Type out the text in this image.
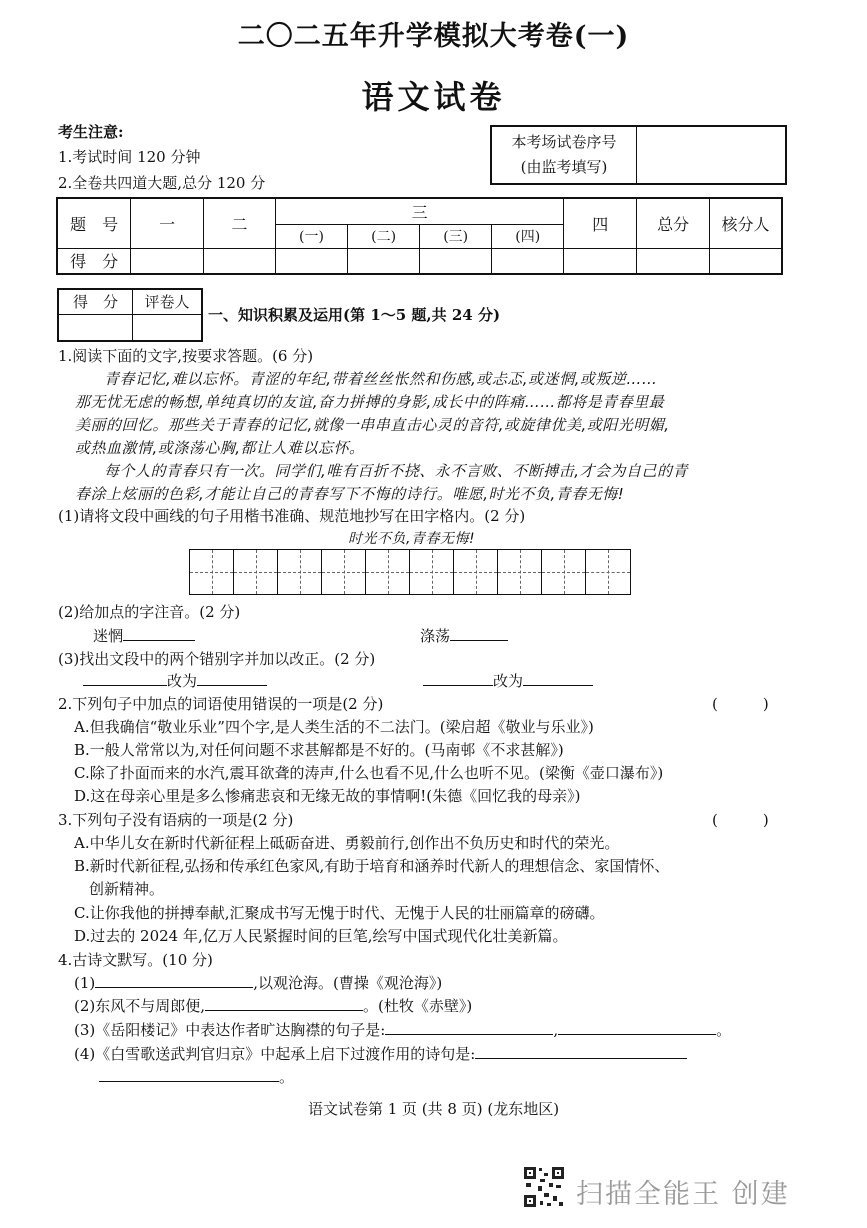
二〇二五年升学模拟大考卷(一)
语文试卷
考生注意:
1.考试时间 120 分钟
2.全卷共四道大题,总分 120 分
本考场试卷序号
(由监考填写)
题　号	一	二	三				四	总分	核分人
			(一)	(二)	(三)	(四)			
得　分									
得　分	评卷人

一、知识积累及运用(第 1～5 题,共 24 分)
1.阅读下面的文字,按要求答题。(6 分)
青春记忆,难以忘怀。青涩的年纪,带着丝丝怅然和伤感,或忐忑,或迷惘,或叛逆……
那无忧无虑的畅想,单纯真切的友谊,奋力拼搏的身影,成长中的阵痛……都将是青春里最
美丽的回忆。那些关于青春的记忆,就像一串串直击心灵的音符,或旋律优美,或阳光明媚,
或热血激情,或涤荡心胸,都让人难以忘怀。
每个人的青春只有一次。同学们,唯有百折不挠、永不言败、不断搏击,才会为自己的青
春涂上炫丽的色彩,才能让自己的青春写下不悔的诗行。唯愿,时光不负,青春无悔!
(1)请将文段中画线的句子用楷书准确、规范地抄写在田字格内。(2 分)
时光不负,青春无悔!
(2)给加点的字注音。(2 分)
迷惘	涤荡
(3)找出文段中的两个错别字并加以改正。(2 分)
改为	改为
2.下列句子中加点的词语使用错误的一项是(2 分)	(　　　)
A.但我确信“敬业乐业”四个字,是人类生活的不二法门。(梁启超《敬业与乐业》)
B.一般人常常以为,对任何问题不求甚解都是不好的。(马南邨《不求甚解》)
C.除了扑面而来的水汽,震耳欲聋的涛声,什么也看不见,什么也听不见。(梁衡《壶口瀑布》)
D.这在母亲心里是多么惨痛悲哀和无缘无故的事情啊!(朱德《回忆我的母亲》)
3.下列句子没有语病的一项是(2 分)	(　　　)
A.中华儿女在新时代新征程上砥砺奋进、勇毅前行,创作出不负历史和时代的荣光。
B.新时代新征程,弘扬和传承红色家风,有助于培育和涵养时代新人的理想信念、家国情怀、
创新精神。
C.让你我他的拼搏奉献,汇聚成书写无愧于时代、无愧于人民的壮丽篇章的磅礴。
D.过去的 2024 年,亿万人民紧握时间的巨笔,绘写中国式现代化壮美新篇。
4.古诗文默写。(10 分)
(1)	,以观沧海。(曹操《观沧海》)
(2)东风不与周郎便,	。(杜牧《赤壁》)
(3)《岳阳楼记》中表达作者旷达胸襟的句子是:	,	。
(4)《白雪歌送武判官归京》中起承上启下过渡作用的诗句是:
。
语文试卷第 1 页 (共 8 页) (龙东地区)
扫描全能王 创建
